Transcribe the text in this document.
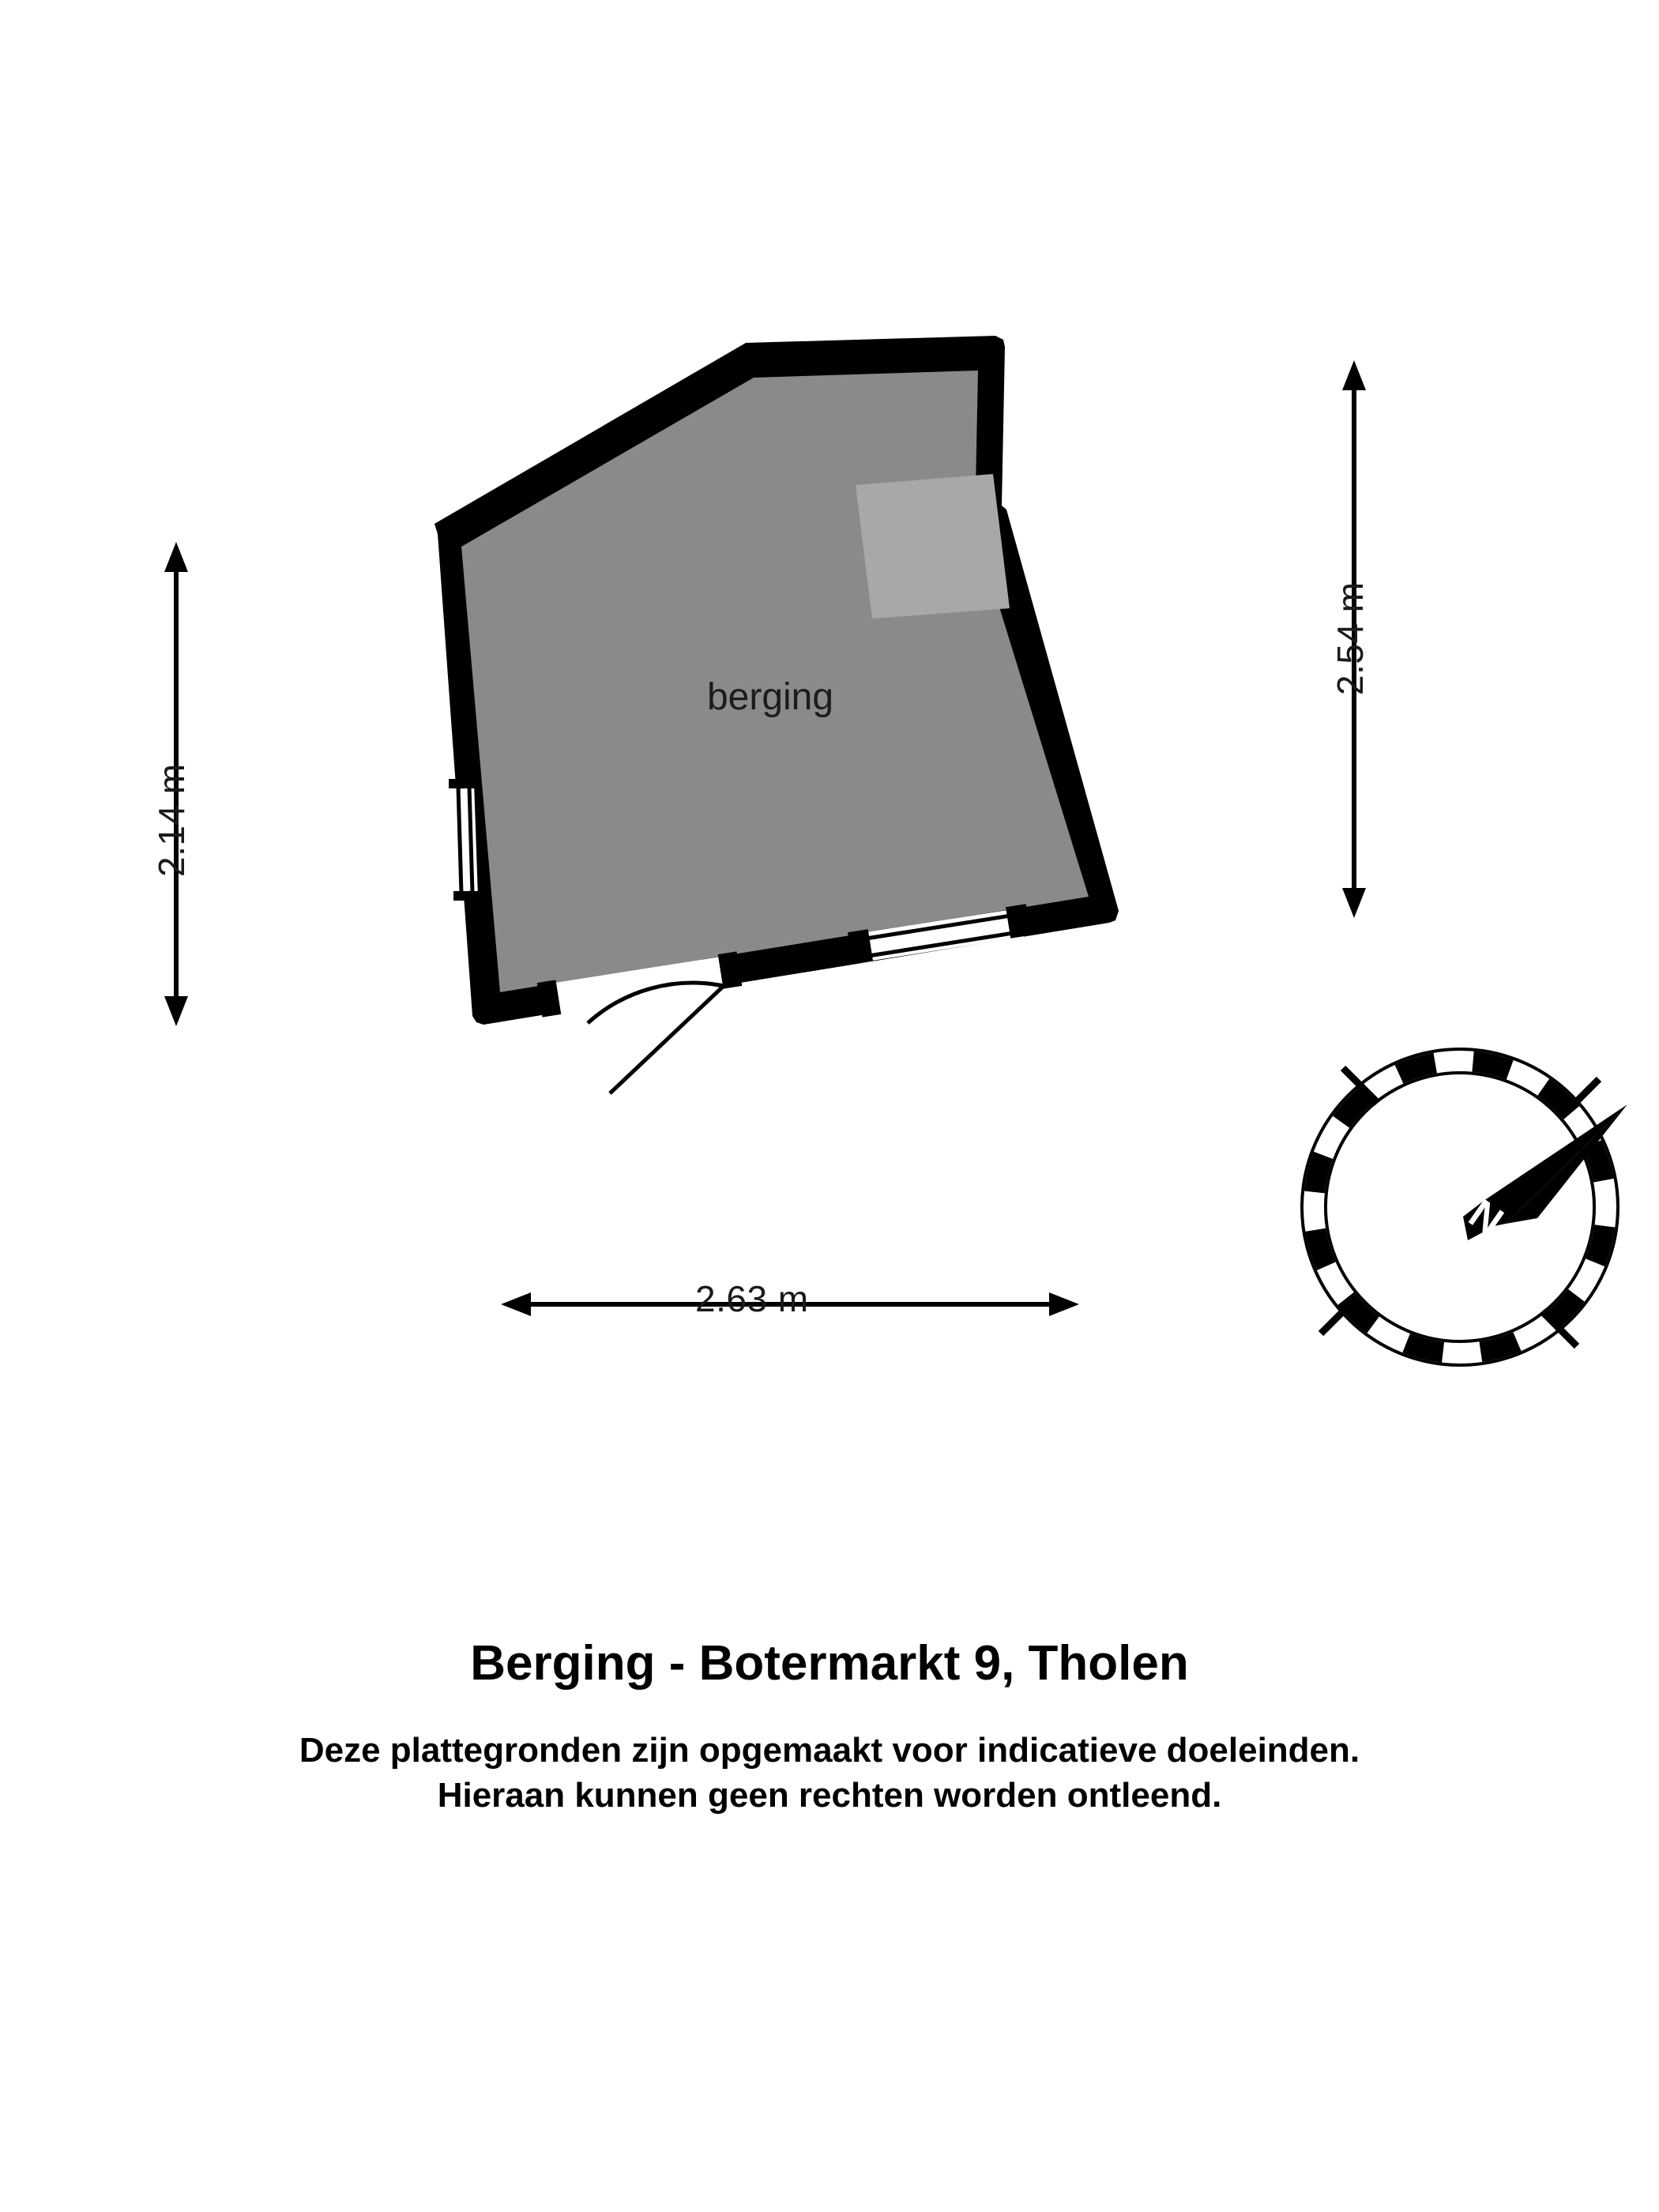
N
berging
2.14 m
2.54 m
2.63 m
Berging - Botermarkt 9, Tholen
Deze plattegronden zijn opgemaakt voor indicatieve doeleinden.
Hieraan kunnen geen rechten worden ontleend.
